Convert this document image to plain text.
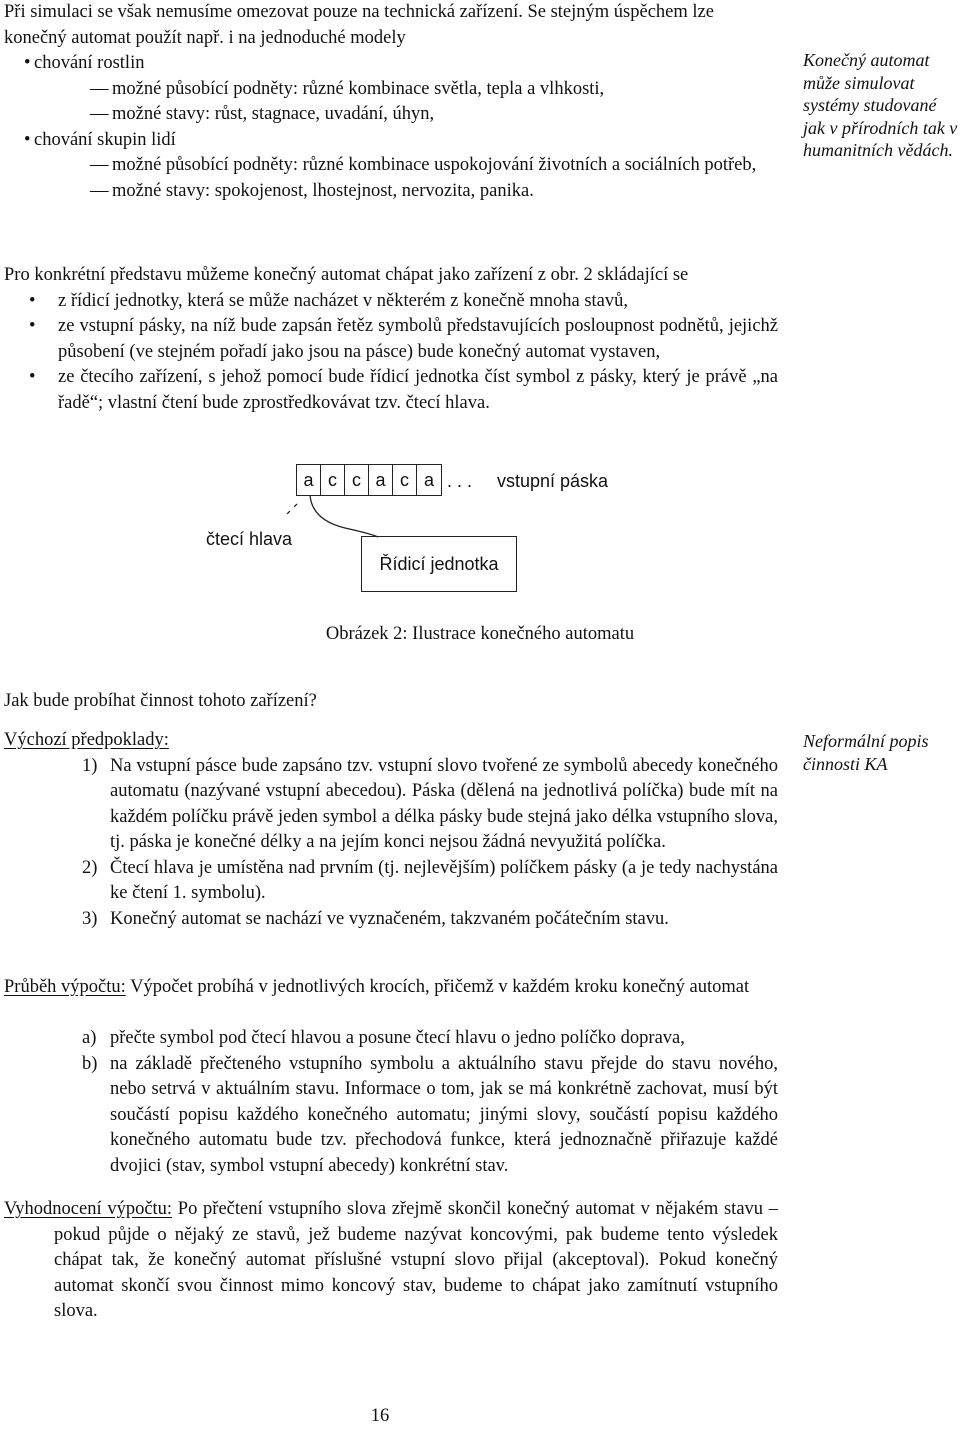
Při simulaci se však nemusíme omezovat pouze na technická zařízení. Se stejným úspěchem lze konečný automat použít např. i na jednoduché modely
• chování rostlin
— možné působící podněty: různé kombinace světla, tepla a vlhkosti,
— možné stavy: růst, stagnace, uvadání, úhyn,
• chování skupin lidí
— možné působící podněty: různé kombinace uspokojování životních a sociálních potřeb,
— možné stavy: spokojenost, lhostejnost, nervozita, panika.
Konečný automat může simulovat systémy studované jak v přírodních tak v humanitních vědách.
Pro konkrétní představu můžeme konečný automat chápat jako zařízení z obr. 2 skládající se
• z řídicí jednotky, která se může nacházet v některém z konečně mnoha stavů,
• ze vstupní pásky, na níž bude zapsán řetěz symbolů představujících posloupnost podnětů, jejichž působení (ve stejném pořadí jako jsou na pásce) bude konečný automat vystaven,
• ze čtecího zařízení, s jehož pomocí bude řídicí jednotka číst symbol z pásky, který je právě „na řadě“; vlastní čtení bude zprostředkovávat tzv. čtecí hlava.
a c c a c a . . . vstupní páska
čtecí hlava
Řídicí jednotka
Obrázek 2: Ilustrace konečného automatu
Jak bude probíhat činnost tohoto zařízení?
Výchozí předpoklady:
1) Na vstupní pásce bude zapsáno tzv. vstupní slovo tvořené ze symbolů abecedy konečného automatu (nazývané vstupní abecedou). Páska (dělená na jednotlivá políčka) bude mít na každém políčku právě jeden symbol a délka pásky bude stejná jako délka vstupního slova, tj. páska je konečné délky a na jejím konci nejsou žádná nevyužitá políčka.
2) Čtecí hlava je umístěna nad prvním (tj. nejlevějším) políčkem pásky (a je tedy nachystána ke čtení 1. symbolu).
3) Konečný automat se nachází ve vyznačeném, takzvaném počátečním stavu.
Neformální popis činnosti KA
Průběh výpočtu: Výpočet probíhá v jednotlivých krocích, přičemž v každém kroku konečný automat
a) přečte symbol pod čtecí hlavou a posune čtecí hlavu o jedno políčko doprava,
b) na základě přečteného vstupního symbolu a aktuálního stavu přejde do stavu nového, nebo setrvá v aktuálním stavu. Informace o tom, jak se má konkrétně zachovat, musí být součástí popisu každého konečného automatu; jinými slovy, součástí popisu každého konečného automatu bude tzv. přechodová funkce, která jednoznačně přiřazuje každé dvojici (stav, symbol vstupní abecedy) konkrétní stav.
Vyhodnocení výpočtu: Po přečtení vstupního slova zřejmě skončil konečný automat v nějakém stavu – pokud půjde o nějaký ze stavů, jež budeme nazývat koncovými, pak budeme tento výsledek chápat tak, že konečný automat příslušné vstupní slovo přijal (akceptoval). Pokud konečný automat skončí svou činnost mimo koncový stav, budeme to chápat jako zamítnutí vstupního slova.
16
